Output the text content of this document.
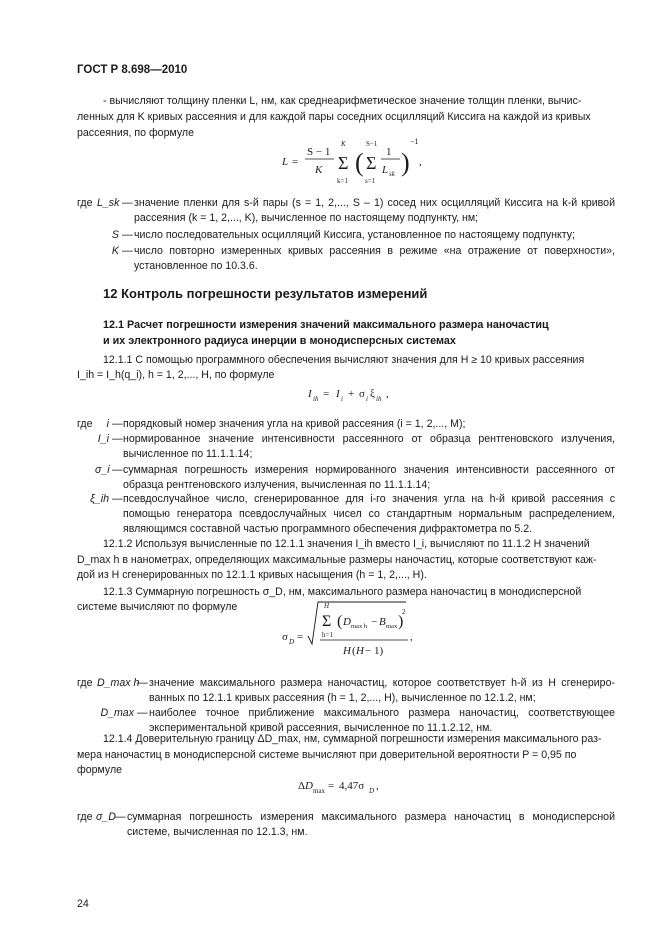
ГОСТ Р 8.698—2010
- вычисляют толщину пленки L, нм, как среднеарифметическое значение толщин пленки, вычис-
ленных для K кривых рассеяния и для каждой пары соседних осцилляций Киссига на каждой из кривых
рассеяния, по формуле
L =
S − 1
K Σ
K
k=1
( Σ
S−1
s=1
1
L sk )
−1
,
где L_sk — значение пленки для s-й пары (s = 1, 2,..., S – 1) сосед них осцилляций Киссига на k-й кривой рассеяния (k = 1, 2,..., K), вычисленное по настоящему подпункту, нм;
S — число последовательных осцилляций Киссига, установленное по настоящему подпункту;
K — число повторно измеренных кривых рассеяния в режиме «на отражение от поверхности», установленное по 10.3.6.
12 Контроль погрешности результатов измерений
12.1 Расчет погрешности измерения значений максимального размера наночастиц
и их электронного радиуса инерции в монодисперсных системах
12.1.1 С помощью программного обеспечения вычисляют значения для H ≥ 10 кривых рассеяния
I_ih = I_h(q_i), h = 1, 2,..., H, по формуле
I ih = I i + σ i ξ ih ,
где	i — порядковый номер значения угла на кривой рассеяния (i = 1, 2,..., M);
I_i — нормированное значение интенсивности рассеянного от образца рентгеновского излучения, вычисленное по 11.1.1.14;
σ_i — суммарная погрешность измерения нормированного значения интенсивности рассеянного от образца рентгеновского излучения, вычисленная по 11.1.1.14;
ξ_ih — псевдослучайное число, сгенерированное для i-го значения угла на h-й кривой рассеяния с помощью генератора псевдослучайных чисел со стандартным нормальным распределением, являющимся составной частью программного обеспечения дифрактометра по 5.2.
12.1.2 Используя вычисленные по 12.1.1 значения I_ih вместо I_i, вычисляют по 11.1.2 H значений
D_max h в нанометрах, определяющих максимальные размеры наночастиц, которые соответствуют каж-
дой из H сгенерированных по 12.1.1 кривых насыщения (h = 1, 2,..., H).
12.1.3 Суммарную погрешность σ_D, нм, максимального размера наночастиц в монодисперсной
системе вычисляют по формуле
σ D =
Σ
H
h=1
( D max h − B max )
2
H ( H − 1)
,
где D_max h
— значение максимального размера наночастиц, которое соответствует h-й из H сгенериро-ванных по 12.1.1 кривых рассеяния (h = 1, 2,..., H), вычисленное по 12.1.2, нм;
D_max — наиболее точное приближение максимального размера наночастиц, соответствующее экспериментальной кривой рассеяния, вычисленное по 11.1.2.12, нм.
12.1.4 Доверительную границу ΔD_max, нм, суммарной погрешности измерения максимального раз-
мера наночастиц в монодисперсной системе вычисляют при доверительной вероятности P = 0,95 по
формуле
Δ D max = 4,47σ D ,
где σ_D — суммарная погрешность измерения максимального размера наночастиц в монодисперсной системе, вычисленная по 12.1.3, нм.
24
